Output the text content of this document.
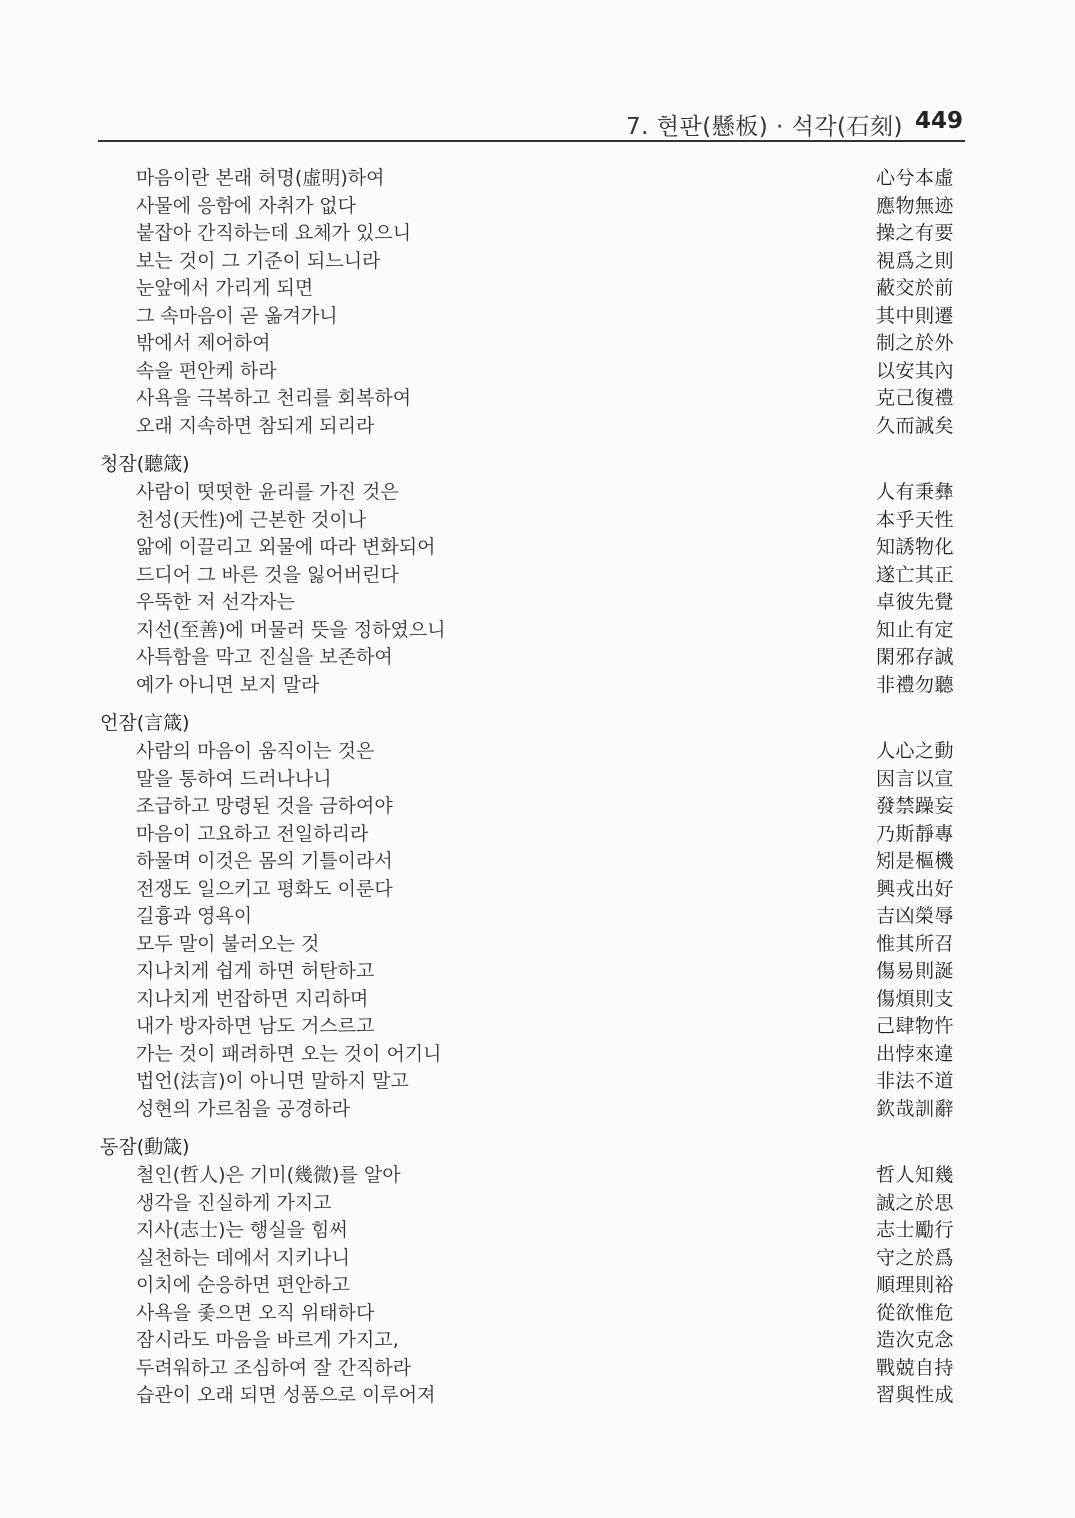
7. 현판(懸板) · 석각(石刻) 449
마음이란 본래 허명(虛明)하여	心兮本虛
사물에 응함에 자취가 없다	應物無迹
붙잡아 간직하는데 요체가 있으니	操之有要
보는 것이 그 기준이 되느니라	視爲之則
눈앞에서 가리게 되면	蔽交於前
그 속마음이 곧 옮겨가니	其中則遷
밖에서 제어하여	制之於外
속을 편안케 하라	以安其內
사욕을 극복하고 천리를 회복하여	克己復禮
오래 지속하면 참되게 되리라	久而誠矣
청잠(聽箴)
사람이 떳떳한 윤리를 가진 것은	人有秉彝
천성(天性)에 근본한 것이나	本乎天性
앎에 이끌리고 외물에 따라 변화되어	知誘物化
드디어 그 바른 것을 잃어버린다	遂亡其正
우뚝한 저 선각자는	卓彼先覺
지선(至善)에 머물러 뜻을 정하였으니	知止有定
사특함을 막고 진실을 보존하여	閑邪存誠
예가 아니면 보지 말라	非禮勿聽
언잠(言箴)
사람의 마음이 움직이는 것은	人心之動
말을 통하여 드러나나니	因言以宣
조급하고 망령된 것을 금하여야	發禁躁妄
마음이 고요하고 전일하리라	乃斯靜專
하물며 이것은 몸의 기틀이라서	矧是樞機
전쟁도 일으키고 평화도 이룬다	興戎出好
길흉과 영욕이	吉凶榮辱
모두 말이 불러오는 것	惟其所召
지나치게 쉽게 하면 허탄하고	傷易則誕
지나치게 번잡하면 지리하며	傷煩則支
내가 방자하면 남도 거스르고	己肆物忤
가는 것이 패려하면 오는 것이 어기니	出悖來違
법언(法言)이 아니면 말하지 말고	非法不道
성현의 가르침을 공경하라	欽哉訓辭
동잠(動箴)
철인(哲人)은 기미(幾微)를 알아	哲人知幾
생각을 진실하게 가지고	誠之於思
지사(志士)는 행실을 힘써	志士勵行
실천하는 데에서 지키나니	守之於爲
이치에 순응하면 편안하고	順理則裕
사욕을 좇으면 오직 위태하다	從欲惟危
잠시라도 마음을 바르게 가지고,	造次克念
두려워하고 조심하여 잘 간직하라	戰兢自持
습관이 오래 되면 성품으로 이루어져	習與性成
